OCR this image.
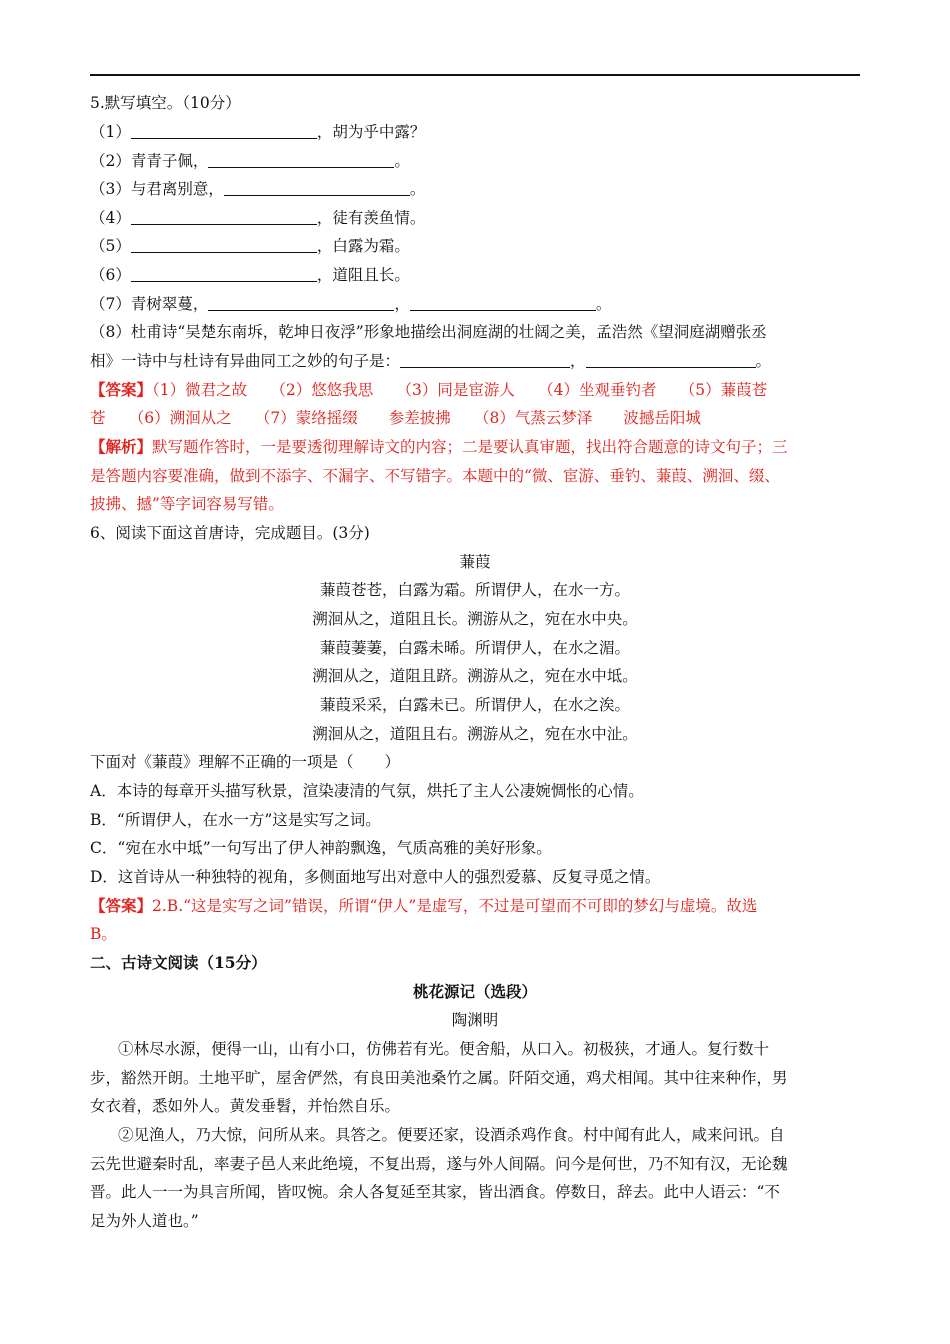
5.默写填空。（10分）
（1）	，胡为乎中露？
（2）青青子佩，	。
（3）与君离别意，	。
（4）	，徒有羡鱼情。
（5）	，白露为霜。
（6）	，道阻且长。
（7）青树翠蔓，	，	。
（8）杜甫诗“吴楚东南坼，乾坤日夜浮”形象地描绘出洞庭湖的壮阔之美，孟浩然《望洞庭湖赠张丞
相》一诗中与杜诗有异曲同工之妙的句子是：	，	。
【答案】（1）微君之故　　（2）悠悠我思　　（3）同是宦游人　　（4）坐观垂钓者　　（5）蒹葭苍
苍　　（6）溯洄从之　　（7）蒙络摇缀　　参差披拂　　（8）气蒸云梦泽　　波撼岳阳城
【解析】默写题作答时，一是要透彻理解诗文的内容；二是要认真审题，找出符合题意的诗文句子；三
是答题内容要准确，做到不添字、不漏字、不写错字。本题中的“微、宦游、垂钓、蒹葭、溯洄、缀、
披拂、撼”等字词容易写错。
6、阅读下面这首唐诗，完成题目。(3分)
蒹葭
蒹葭苍苍，白露为霜。所谓伊人，在水一方。
溯洄从之，道阻且长。溯游从之，宛在水中央。
蒹葭萋萋，白露未晞。所谓伊人，在水之湄。
溯洄从之，道阻且跻。溯游从之，宛在水中坻。
蒹葭采采，白露未已。所谓伊人，在水之涘。
溯洄从之，道阻且右。溯游从之，宛在水中沚。
下面对《蒹葭》理解不正确的一项是（　　）
A．本诗的每章开头描写秋景，渲染凄清的气氛，烘托了主人公凄婉惆怅的心情。
B．“所谓伊人，在水一方”这是实写之词。
C．“宛在水中坻”一句写出了伊人神韵飘逸，气质高雅的美好形象。
D．这首诗从一种独特的视角，多侧面地写出对意中人的强烈爱慕、反复寻觅之情。
【答案】2.B.“这是实写之词”错误，所谓“伊人”是虚写，不过是可望而不可即的梦幻与虚境。故选
B。
二、古诗文阅读（15分）
桃花源记（选段）
陶渊明
①林尽水源，便得一山，山有小口，仿佛若有光。便舍船，从口入。初极狭，才通人。复行数十
步，豁然开朗。土地平旷，屋舍俨然，有良田美池桑竹之属。阡陌交通，鸡犬相闻。其中往来种作，男
女衣着，悉如外人。黄发垂髫，并怡然自乐。
②见渔人，乃大惊，问所从来。具答之。便要还家，设酒杀鸡作食。村中闻有此人，咸来问讯。自
云先世避秦时乱，率妻子邑人来此绝境，不复出焉，遂与外人间隔。问今是何世，乃不知有汉，无论魏
晋。此人一一为具言所闻，皆叹惋。余人各复延至其家，皆出酒食。停数日，辞去。此中人语云：“不
足为外人道也。”
